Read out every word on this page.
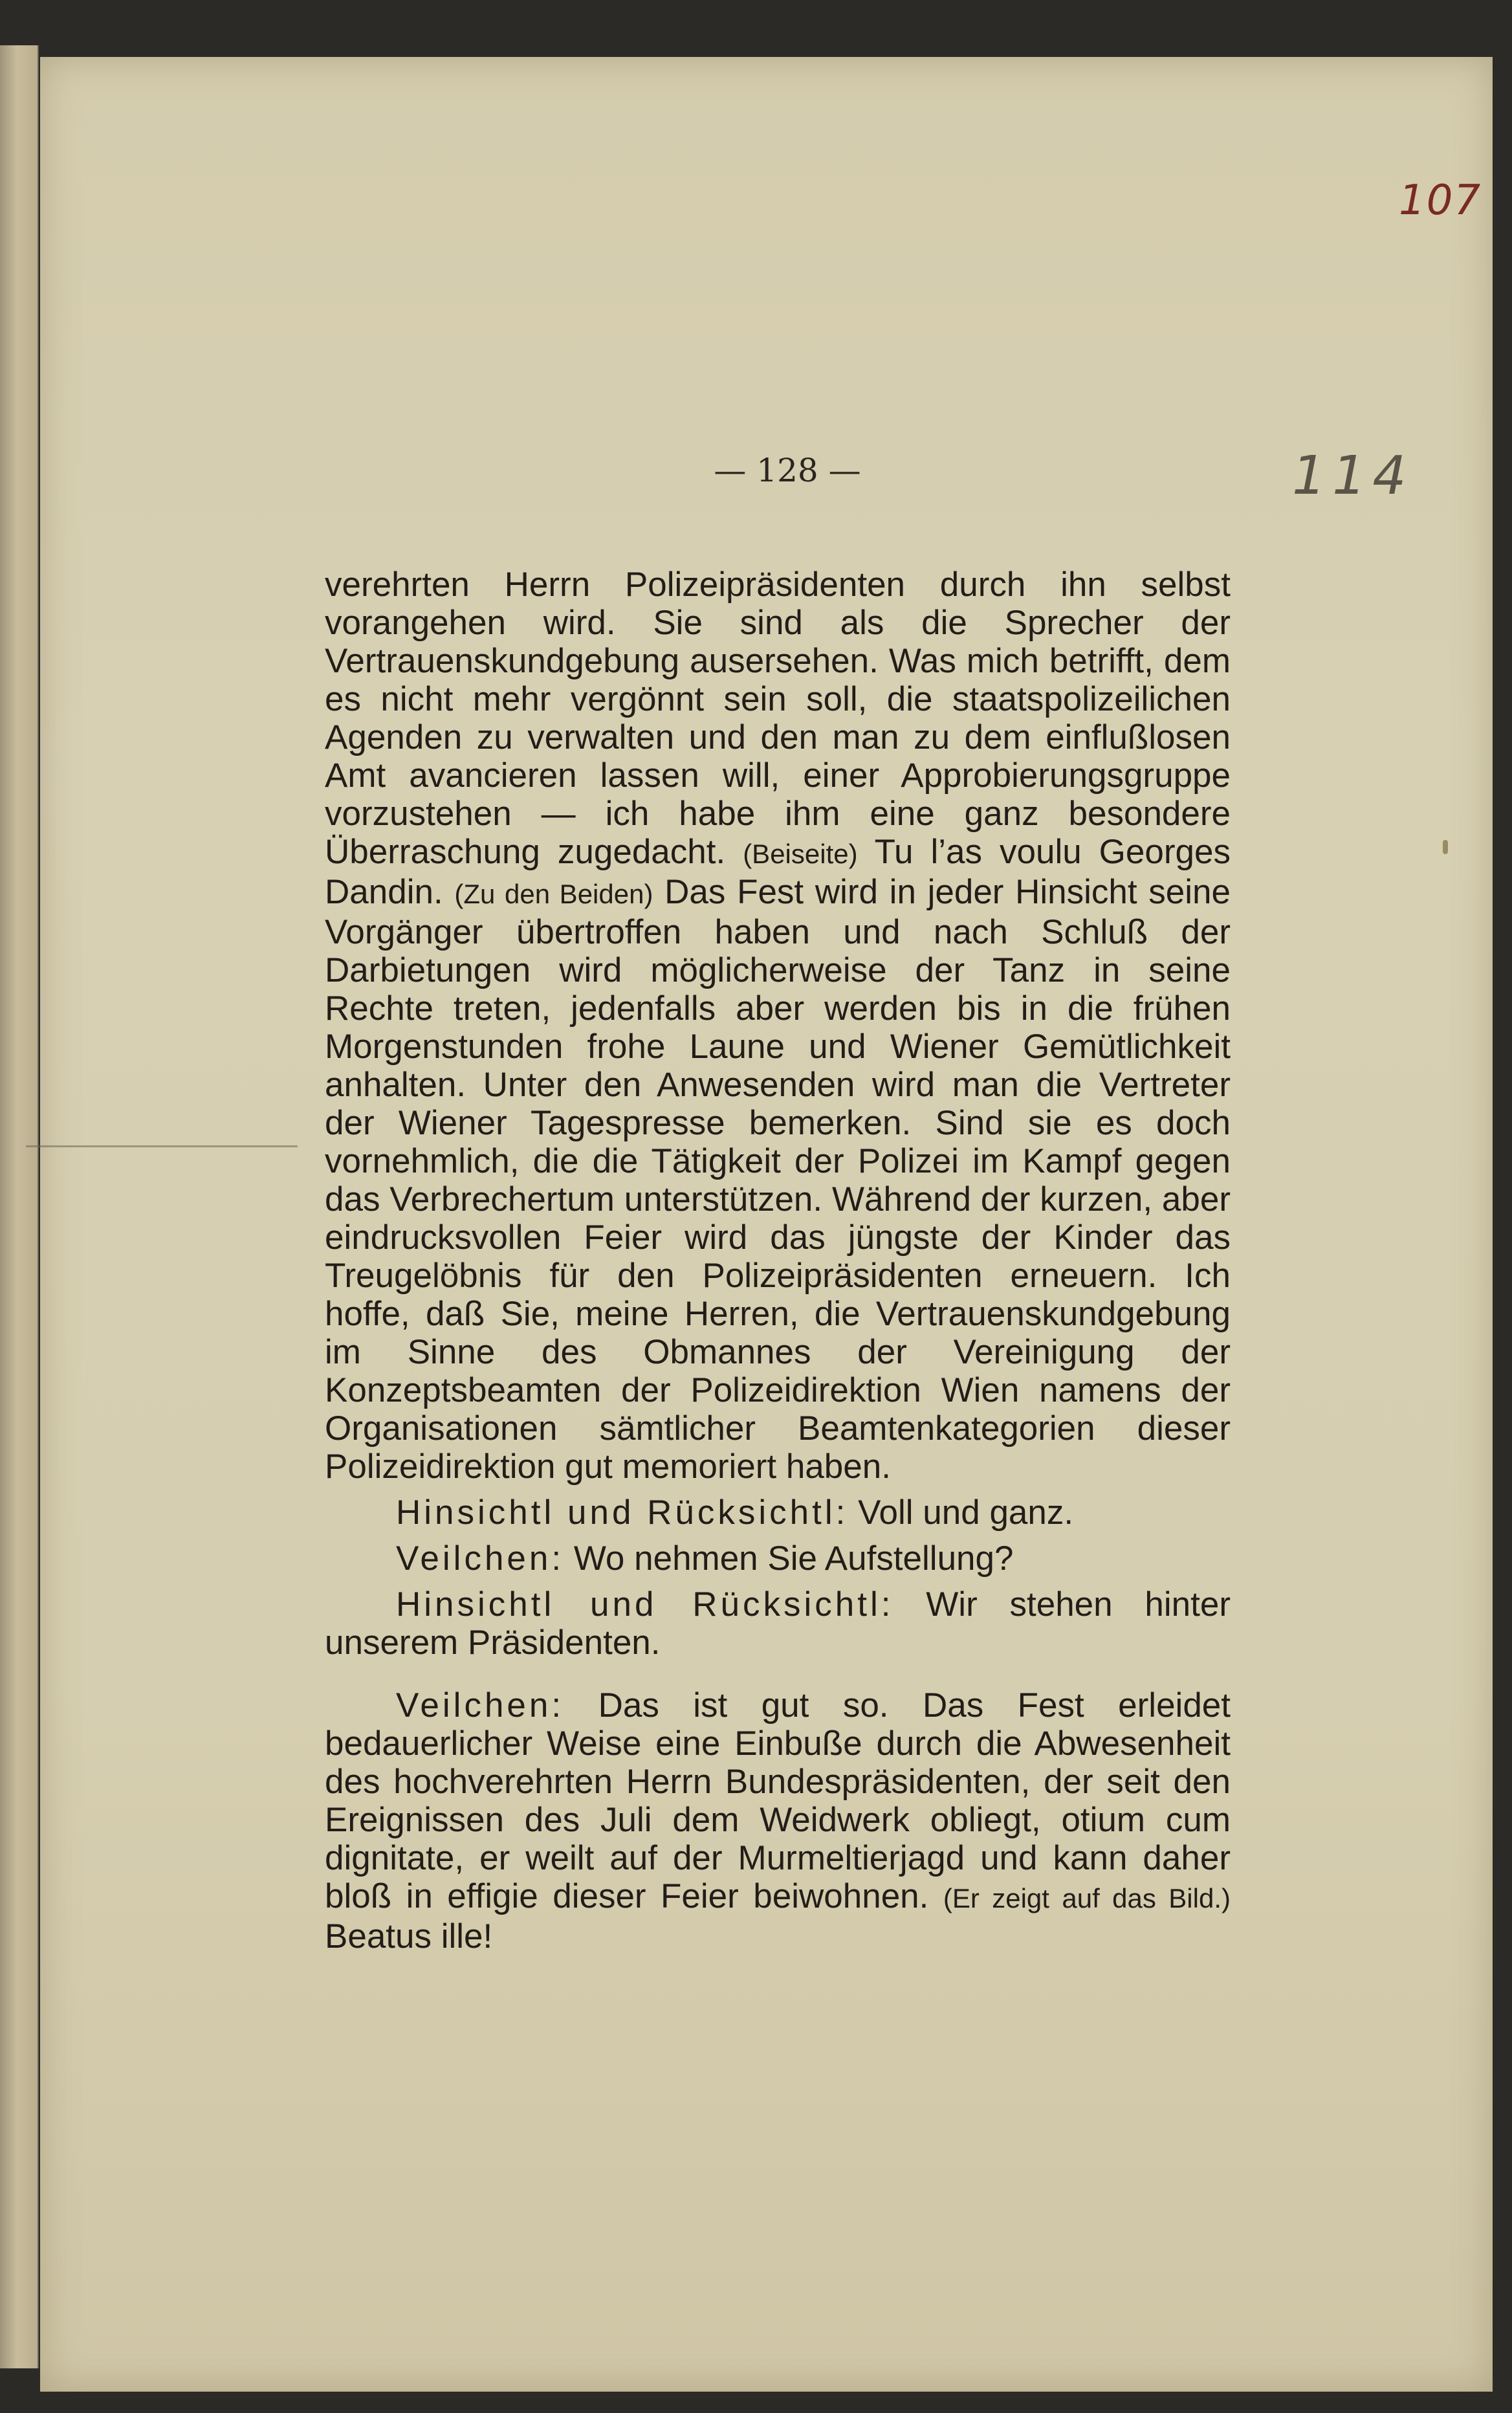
107
114
— 128 —

verehrten Herrn Polizeipräsidenten durch ihn selbst vorangehen wird. Sie sind als die Sprecher der Vertrauenskundgebung ausersehen. Was mich betrifft, dem es nicht mehr vergönnt sein soll, die staatspolizeilichen Agenden zu verwalten und den man zu dem einflußlosen Amt avancieren lassen will, einer Approbierungsgruppe vorzustehen — ich habe ihm eine ganz besondere Überraschung zugedacht. (Beiseite) Tu l’as voulu Georges Dandin. (Zu den Beiden) Das Fest wird in jeder Hinsicht seine Vorgänger übertroffen haben und nach Schluß der Darbietungen wird möglicherweise der Tanz in seine Rechte treten, jedenfalls aber werden bis in die frühen Morgenstunden frohe Laune und Wiener Gemütlichkeit anhalten. Unter den Anwesenden wird man die Vertreter der Wiener Tagespresse bemerken. Sind sie es doch vornehmlich, die die Tätigkeit der Polizei im Kampf gegen das Verbrechertum unterstützen. Während der kurzen, aber eindrucksvollen Feier wird das jüngste der Kinder das Treugelöbnis für den Polizeipräsidenten erneuern. Ich hoffe, daß Sie, meine Herren, die Vertrauenskundgebung im Sinne des Obmannes der Vereinigung der Konzeptsbeamten der Polizeidirektion Wien namens der Organisationen sämtlicher Beamtenkategorien dieser Polizeidirektion gut memoriert haben.

Hinsichtl und Rücksichtl: Voll und ganz.

Veilchen: Wo nehmen Sie Aufstellung?

Hinsichtl und Rücksichtl: Wir stehen hinter unserem Präsidenten.

Veilchen: Das ist gut so. Das Fest erleidet bedauerlicher Weise eine Einbuße durch die Abwesenheit des hochverehrten Herrn Bundespräsidenten, der seit den Ereignissen des Juli dem Weidwerk obliegt, otium cum dignitate, er weilt auf der Murmeltierjagd und kann daher bloß in effigie dieser Feier beiwohnen. (Er zeigt auf das Bild.) Beatus ille!
